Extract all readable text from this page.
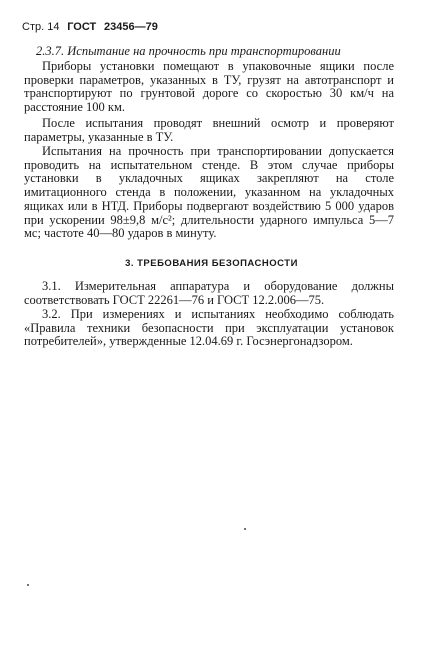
Стр. 14 ГОСТ 23456—79
2.3.7. Испытание на прочность при транспортировании

Приборы установки помещают в упаковочные ящики после проверки параметров, указанных в ТУ, грузят на автотранспорт и транспортируют по грунтовой дороге со скоростью 30 км/ч на расстояние 100 км.

После испытания проводят внешний осмотр и проверяют параметры, указанные в ТУ.

Испытания на прочность при транспортировании допускается проводить на испытательном стенде. В этом случае приборы установки в укладочных ящиках закрепляют на столе имитационного стенда в положении, указанном на укладочных ящиках или в НТД. Приборы подвергают воздействию 5 000 ударов при ускорении 98±9,8 м/с²; длительности ударного импульса 5—7 мс; частоте 40—80 ударов в минуту.

3. ТРЕБОВАНИЯ БЕЗОПАСНОСТИ

3.1. Измерительная аппаратура и оборудование должны соответствовать ГОСТ 22261—76 и ГОСТ 12.2.006—75.

3.2. При измерениях и испытаниях необходимо соблюдать «Правила техники безопасности при эксплуатации установок потребителей», утвержденные 12.04.69 г. Госэнергонадзором.
